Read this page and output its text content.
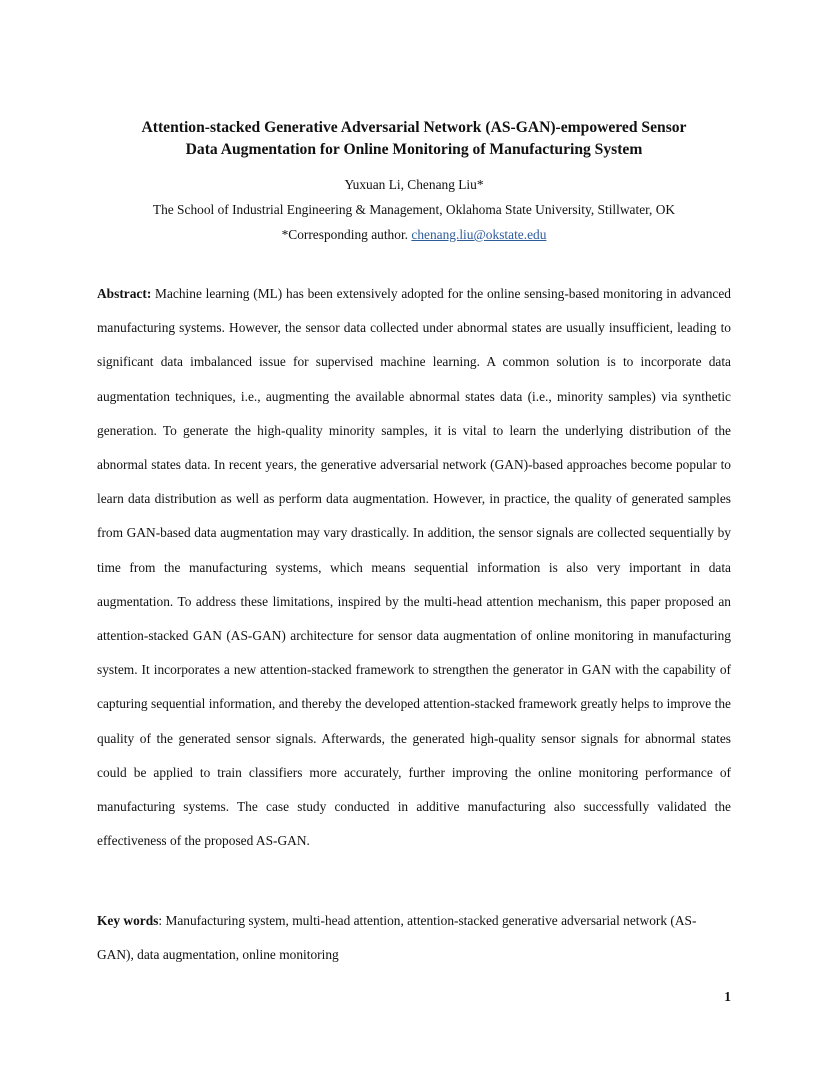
Attention-stacked Generative Adversarial Network (AS-GAN)-empowered Sensor
Data Augmentation for Online Monitoring of Manufacturing System
Yuxuan Li, Chenang Liu*
The School of Industrial Engineering & Management, Oklahoma State University, Stillwater, OK
*Corresponding author. chenang.liu@okstate.edu

Abstract: Machine learning (ML) has been extensively adopted for the online sensing-based monitoring in advanced manufacturing systems. However, the sensor data collected under abnormal states are usually insufficient, leading to significant data imbalanced issue for supervised machine learning. A common solution is to incorporate data augmentation techniques, i.e., augmenting the available abnormal states data (i.e., minority samples) via synthetic generation. To generate the high-quality minority samples, it is vital to learn the underlying distribution of the abnormal states data. In recent years, the generative adversarial network (GAN)-based approaches become popular to learn data distribution as well as perform data augmentation. However, in practice, the quality of generated samples from GAN-based data augmentation may vary drastically. In addition, the sensor signals are collected sequentially by time from the manufacturing systems, which means sequential information is also very important in data augmentation. To address these limitations, inspired by the multi-head attention mechanism, this paper proposed an attention-stacked GAN (AS-GAN) architecture for sensor data augmentation of online monitoring in manufacturing system. It incorporates a new attention-stacked framework to strengthen the generator in GAN with the capability of capturing sequential information, and thereby the developed attention-stacked framework greatly helps to improve the quality of the generated sensor signals. Afterwards, the generated high-quality sensor signals for abnormal states could be applied to train classifiers more accurately, further improving the online monitoring performance of manufacturing systems. The case study conducted in additive manufacturing also successfully validated the effectiveness of the proposed AS-GAN.

Key words: Manufacturing system, multi-head attention, attention-stacked generative adversarial network (AS-GAN), data augmentation, online monitoring

1
